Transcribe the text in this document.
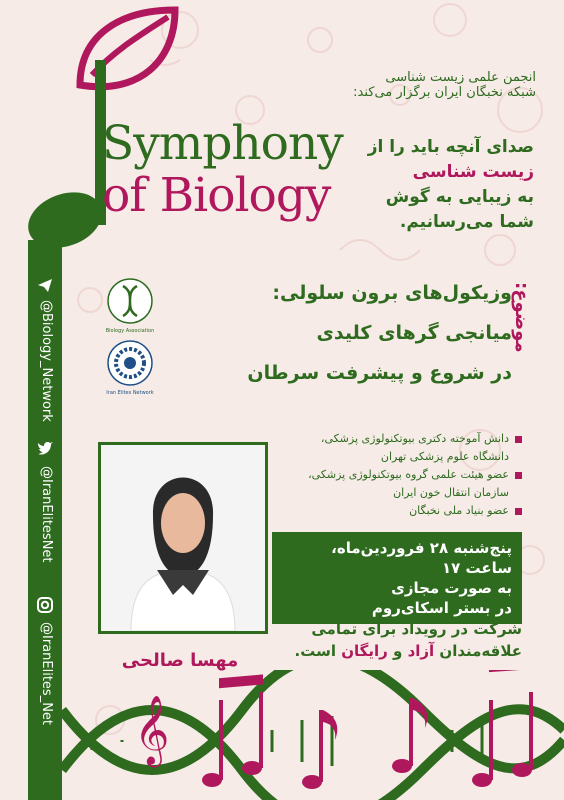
انجمن علمی زیست شناسی
شبکه نخبگان ایران برگزار می‌کند:
Symphony
of Biology
صدای آنچه باید را از
زیست شناسی
به زیبایی به گوش
شما می‌رسانیم.
@Biology_Network
@IranElitesNet
@IranElites_Net
Biology Association
Iran Elites Network
وزیکول‌های برون سلولی:
میانجی گرهای کلیدی
در شروع و پیشرفت سرطان
موضوع:
مهسا صالحی
دانش آموخته دکتری بیوتکنولوژی پزشکی،
دانشگاه علوم پزشکی تهران
عضو هیئت علمی گروه بیوتکنولوژی پزشکی،
سازمان انتقال خون ایران
عضو بنیاد ملی نخبگان
پنج‌شنبه ۲۸ فروردین‌ماه، ساعت ۱۷
به صورت مجازی
در بستر اسکای‌روم
شرکت در رویداد برای تمامی
علاقه‌مندان آزاد و رایگان است.
𝄞
